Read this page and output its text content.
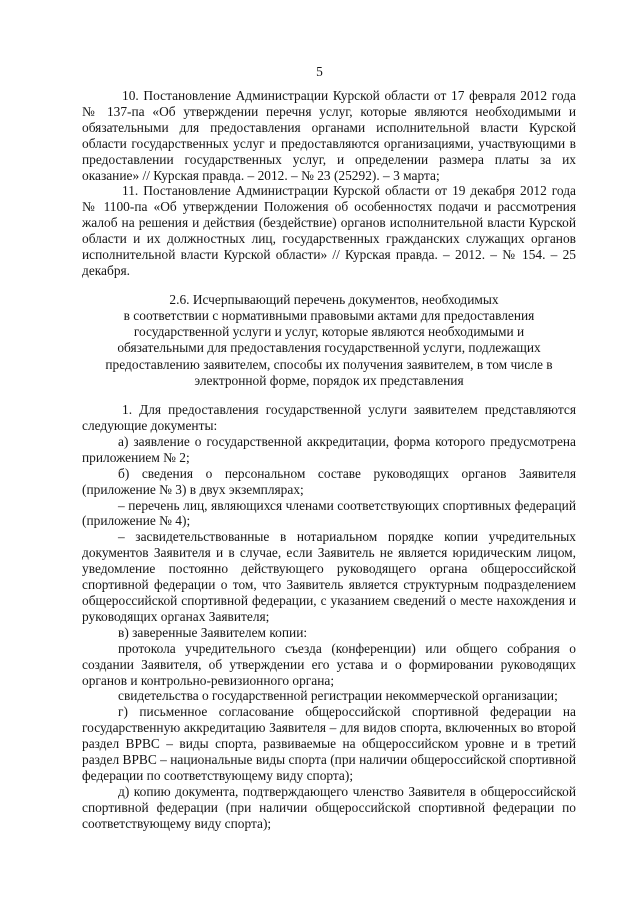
5

10. Постановление Администрации Курской области от 17 февраля 2012 года № 137-па «Об утверждении перечня услуг, которые являются необходимыми и обязательными для предоставления органами исполнительной власти Курской области государственных услуг и предоставляются организациями, участвующими в предоставлении государственных услуг, и определении размера платы за их оказание» // Курская правда. – 2012. – № 23 (25292). – 3 марта;

11. Постановление Администрации Курской области от 19 декабря 2012 года № 1100-па «Об утверждении Положения об особенностях подачи и рассмотрения жалоб на решения и действия (бездействие) органов исполнительной власти Курской области и их должностных лиц, государственных гражданских служащих органов исполнительной власти Курской области» // Курская правда. – 2012. – № 154. – 25 декабря.

2.6. Исчерпывающий перечень документов, необходимых
в соответствии с нормативными правовыми актами для предоставления
государственной услуги и услуг, которые являются необходимыми и
обязательными для предоставления государственной услуги, подлежащих
предоставлению заявителем, способы их получения заявителем, в том числе в
электронной форме, порядок их представления

1. Для предоставления государственной услуги заявителем представляются следующие документы:

а) заявление о государственной аккредитации, форма которого предусмотрена приложением № 2;

б) сведения о персональном составе руководящих органов Заявителя (приложение № 3) в двух экземплярах;

– перечень лиц, являющихся членами соответствующих спортивных федераций (приложение № 4);

– засвидетельствованные в нотариальном порядке копии учредительных документов Заявителя и в случае, если Заявитель не является юридическим лицом, уведомление постоянно действующего руководящего органа общероссийской спортивной федерации о том, что Заявитель является структурным подразделением общероссийской спортивной федерации, с указанием сведений о месте нахождения и руководящих органах Заявителя;

в) заверенные Заявителем копии:

протокола учредительного съезда (конференции) или общего собрания о создании Заявителя, об утверждении его устава и о формировании руководящих органов и контрольно-ревизионного органа;

свидетельства о государственной регистрации некоммерческой организации;

г) письменное согласование общероссийской спортивной федерации на государственную аккредитацию Заявителя – для видов спорта, включенных во второй раздел ВРВС – виды спорта, развиваемые на общероссийском уровне и в третий раздел ВРВС – национальные виды спорта (при наличии общероссийской спортивной федерации по соответствующему виду спорта);

д) копию документа, подтверждающего членство Заявителя в общероссийской спортивной федерации (при наличии общероссийской спортивной федерации по соответствующему виду спорта);
